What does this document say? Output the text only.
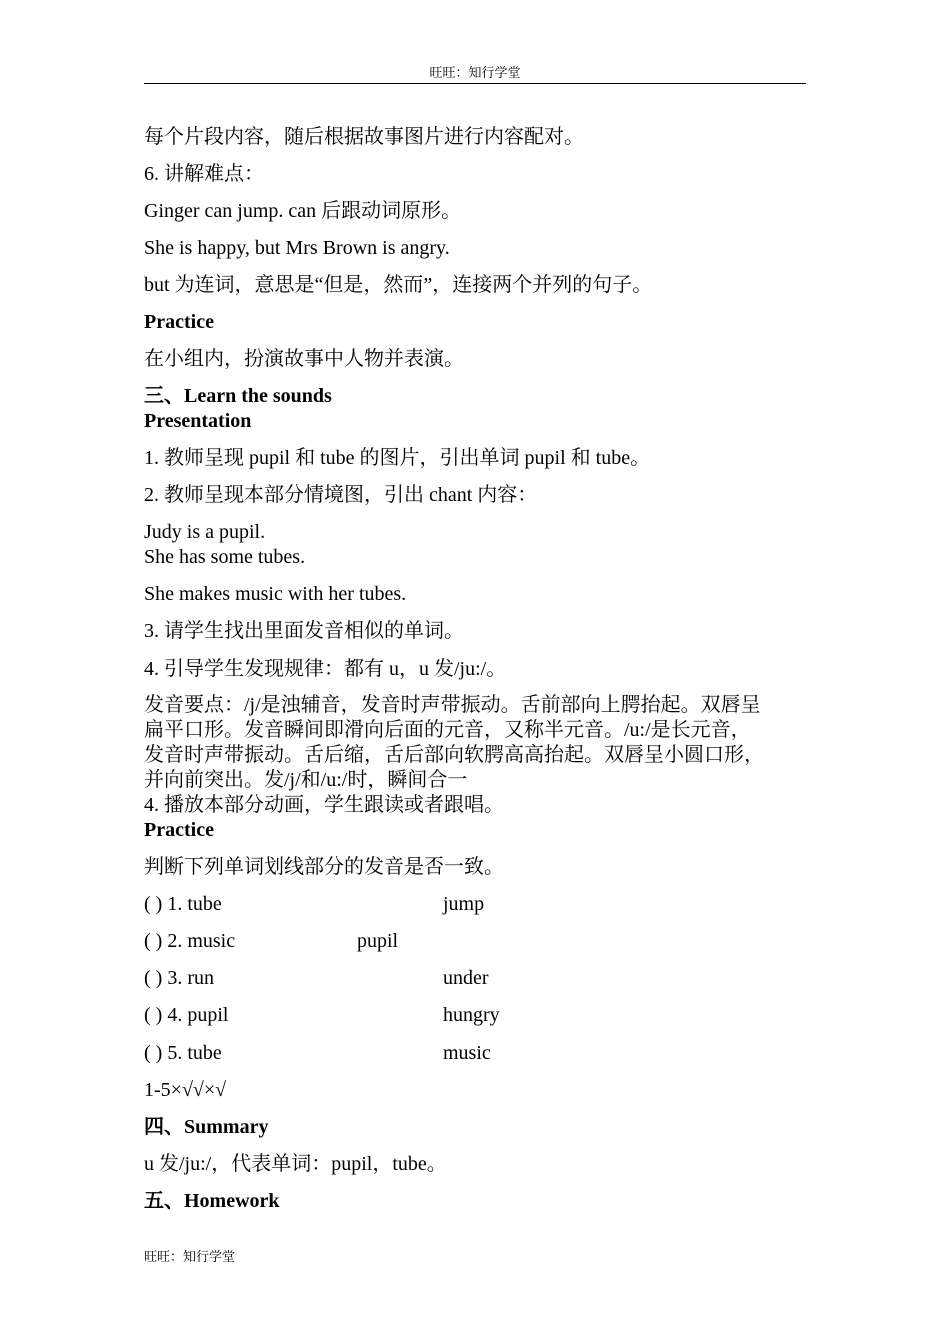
旺旺：知行学堂
每个片段内容，随后根据故事图片进行内容配对。
6. 讲解难点：
Ginger can jump. can 后跟动词原形。
She is happy, but Mrs Brown is angry.
but 为连词，意思是“但是，然而”，连接两个并列的句子。
Practice
在小组内，扮演故事中人物并表演。
三、Learn the sounds
Presentation
1. 教师呈现 pupil 和 tube 的图片，引出单词 pupil 和 tube。
2. 教师呈现本部分情境图，引出 chant 内容：
Judy is a pupil.
She has some tubes.
She makes music with her tubes.
3. 请学生找出里面发音相似的单词。
4. 引导学生发现规律：都有 u，u 发/ju:/。
发音要点：/j/是浊辅音，发音时声带振动。舌前部向上腭抬起。双唇呈
扁平口形。发音瞬间即滑向后面的元音，又称半元音。/u:/是长元音，
发音时声带振动。舌后缩，舌后部向软腭高高抬起。双唇呈小圆口形，
并向前突出。发/j/和/u:/时，瞬间合一
4. 播放本部分动画，学生跟读或者跟唱。
Practice
判断下列单词划线部分的发音是否一致。
( ) 1. tube	jump
( ) 2. music	pupil
( ) 3. run	under
( ) 4. pupil	hungry
( ) 5. tube	music
1-5×√√×√
四、Summary
u 发/ju:/，代表单词：pupil，tube。
五、Homework
旺旺：知行学堂
